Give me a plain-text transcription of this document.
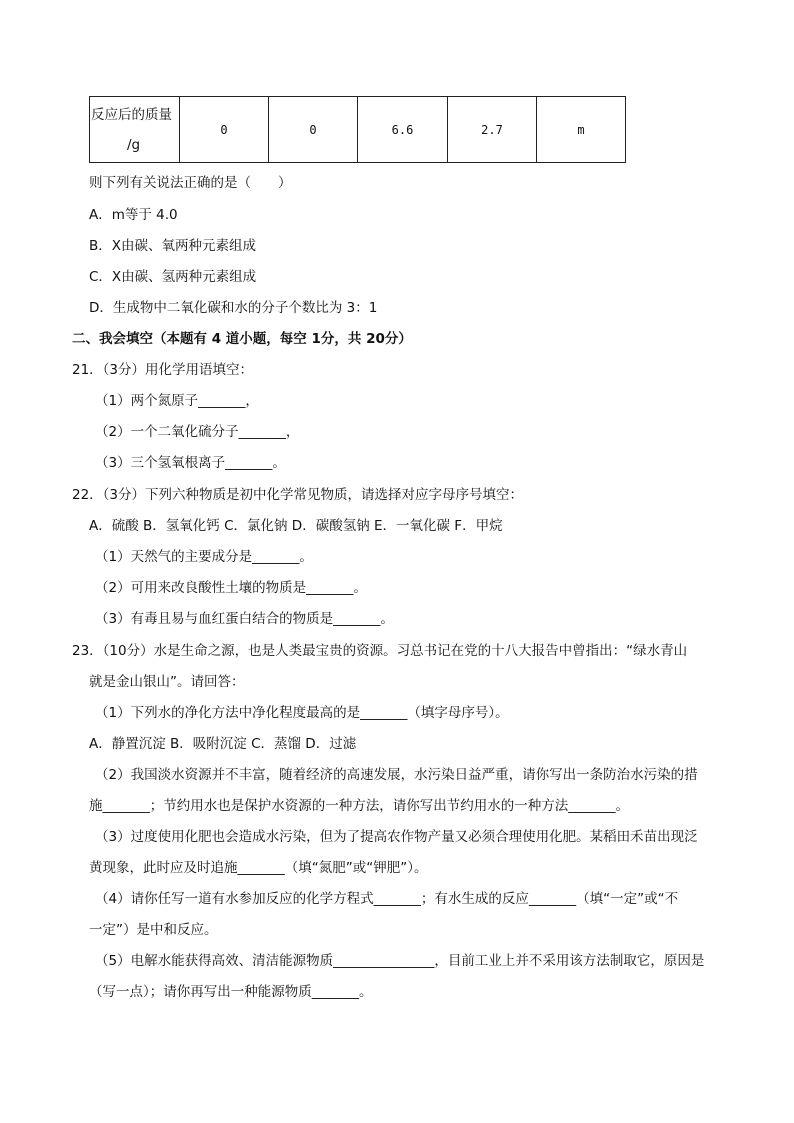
反应后的质量
/g	0	0	6.6	2.7	m
则下列有关说法正确的是（　　）
A．m等于 4.0
B．X由碳、氧两种元素组成
C．X由碳、氢两种元素组成
D．生成物中二氧化碳和水的分子个数比为 3：1
二、我会填空（本题有 4 道小题，每空 1分，共 20分）
21．（3分）用化学用语填空：
（1）两个氮原子_______，
（2）一个二氧化硫分子_______，
（3）三个氢氧根离子_______。
22．（3分）下列六种物质是初中化学常见物质，请选择对应字母序号填空：
A．硫酸 B．氢氧化钙 C．氯化钠 D．碳酸氢钠 E．一氧化碳 F．甲烷
（1）天然气的主要成分是_______。
（2）可用来改良酸性土壤的物质是_______。
（3）有毒且易与血红蛋白结合的物质是_______。
23．（10分）水是生命之源，也是人类最宝贵的资源。习总书记在党的十八大报告中曾指出：“绿水青山
就是金山银山”。请回答：
（1）下列水的净化方法中净化程度最高的是_______（填字母序号）。
A．静置沉淀 B．吸附沉淀 C．蒸馏 D．过滤
（2）我国淡水资源并不丰富，随着经济的高速发展，水污染日益严重，请你写出一条防治水污染的措
施_______；节约用水也是保护水资源的一种方法，请你写出节约用水的一种方法_______。
（3）过度使用化肥也会造成水污染，但为了提高农作物产量又必须合理使用化肥。某稻田禾苗出现泛
黄现象，此时应及时追施_______（填“氮肥”或“钾肥”）。
（4）请你任写一道有水参加反应的化学方程式_______；有水生成的反应_______（填“一定”或“不
一定”）是中和反应。
（5）电解水能获得高效、清洁能源物质_______________，目前工业上并不采用该方法制取它，原因是
（写一点）；请你再写出一种能源物质_______。
